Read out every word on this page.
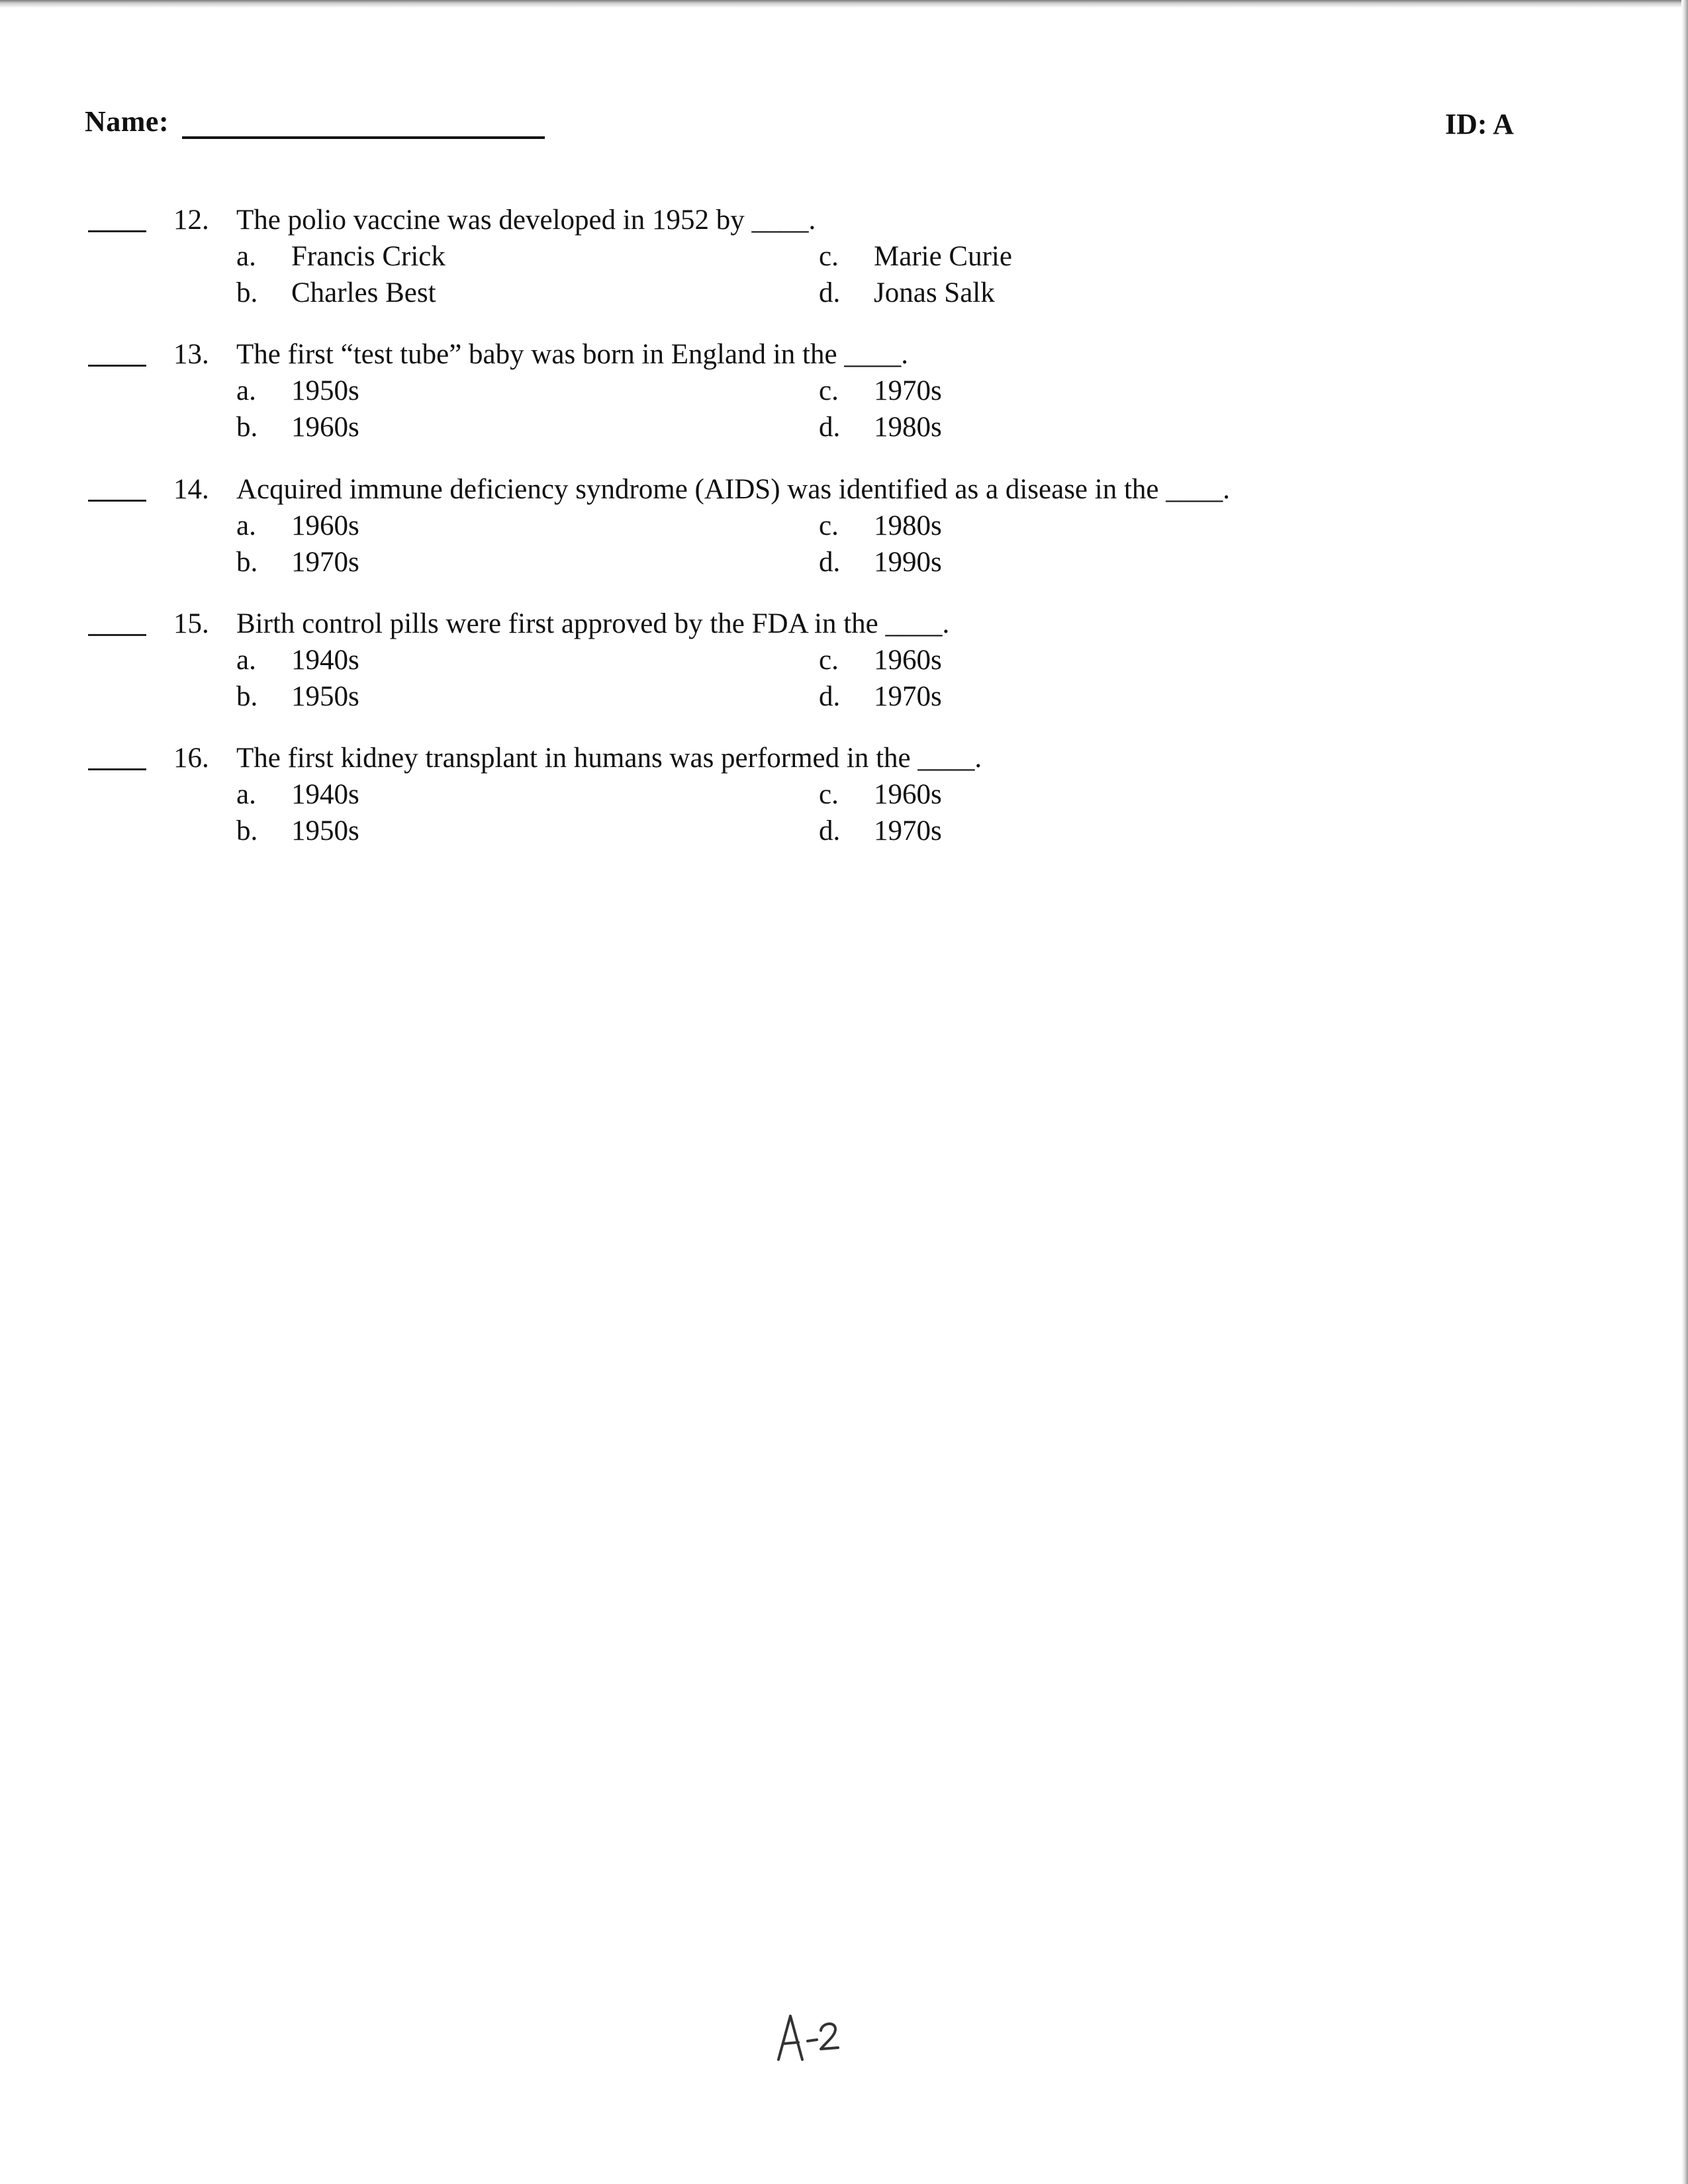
Name:	ID: A
12. The polio vaccine was developed in 1952 by ____.
a. Francis Crick
b. Charles Best
c. Marie Curie
d. Jonas Salk
13. The first “test tube” baby was born in England in the ____.
a. 1950s
b. 1960s
c. 1970s
d. 1980s
14. Acquired immune deficiency syndrome (AIDS) was identified as a disease in the ____.
a. 1960s
b. 1970s
c. 1980s
d. 1990s
15. Birth control pills were first approved by the FDA in the ____.
a. 1940s
b. 1950s
c. 1960s
d. 1970s
16. The first kidney transplant in humans was performed in the ____.
a. 1940s
b. 1950s
c. 1960s
d. 1970s
